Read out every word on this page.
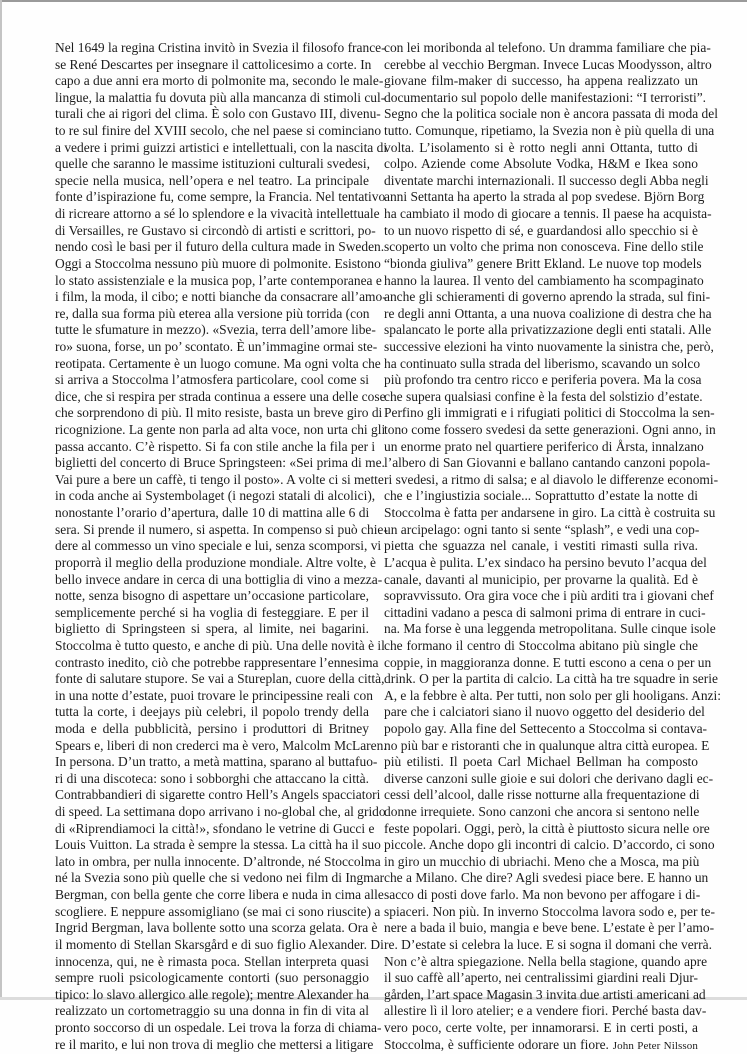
Nel 1649 la regina Cristina invitò in Svezia il filosofo france-
se René Descartes per insegnare il cattolicesimo a corte. In
capo a due anni era morto di polmonite ma, secondo le male-
lingue, la malattia fu dovuta più alla mancanza di stimoli cul-
turali che ai rigori del clima. È solo con Gustavo III, divenu-
to re sul finire del XVIII secolo, che nel paese si cominciano
a vedere i primi guizzi artistici e intellettuali, con la nascita di
quelle che saranno le massime istituzioni culturali svedesi,
specie nella musica, nell’opera e nel teatro. La principale
fonte d’ispirazione fu, come sempre, la Francia. Nel tentativo
di ricreare attorno a sé lo splendore e la vivacità intellettuale
di Versailles, re Gustavo si circondò di artisti e scrittori, po-
nendo così le basi per il futuro della cultura made in Sweden.
Oggi a Stoccolma nessuno più muore di polmonite. Esistono
lo stato assistenziale e la musica pop, l’arte contemporanea e
i film, la moda, il cibo; e notti bianche da consacrare all’amo-
re, dalla sua forma più eterea alla versione più torrida (con
tutte le sfumature in mezzo). «Svezia, terra dell’amore libe-
ro» suona, forse, un po’ scontato. È un’immagine ormai ste-
reotipata. Certamente è un luogo comune. Ma ogni volta che
si arriva a Stoccolma l’atmosfera particolare, cool come si
dice, che si respira per strada continua a essere una delle cose
che sorprendono di più. Il mito resiste, basta un breve giro di
ricognizione. La gente non parla ad alta voce, non urta chi gli
passa accanto. C’è rispetto. Si fa con stile anche la fila per i
biglietti del concerto di Bruce Springsteen: «Sei prima di me.
Vai pure a bere un caffè, ti tengo il posto». A volte ci si mette
in coda anche ai Systembolaget (i negozi statali di alcolici),
nonostante l’orario d’apertura, dalle 10 di mattina alle 6 di
sera. Si prende il numero, si aspetta. In compenso si può chie-
dere al commesso un vino speciale e lui, senza scomporsi, vi
proporrà il meglio della produzione mondiale. Altre volte, è
bello invece andare in cerca di una bottiglia di vino a mezza-
notte, senza bisogno di aspettare un’occasione particolare,
semplicemente perché si ha voglia di festeggiare. E per il
biglietto di Springsteen si spera, al limite, nei bagarini.
Stoccolma è tutto questo, e anche di più. Una delle novità è il
contrasto inedito, ciò che potrebbe rappresentare l’ennesima
fonte di salutare stupore. Se vai a Stureplan, cuore della città,
in una notte d’estate, puoi trovare le principessine reali con
tutta la corte, i deejays più celebri, il popolo trendy della
moda e della pubblicità, persino i produttori di Britney
Spears e, liberi di non crederci ma è vero, Malcolm McLaren.
In persona. D’un tratto, a metà mattina, sparano al buttafuo-
ri di una discoteca: sono i sobborghi che attaccano la città.
Contrabbandieri di sigarette contro Hell’s Angels spacciatori
di speed. La settimana dopo arrivano i no-global che, al grido
di «Riprendiamoci la città!», sfondano le vetrine di Gucci e
Louis Vuitton. La strada è sempre la stessa. La città ha il suo
lato in ombra, per nulla innocente. D’altronde, né Stoccolma
né la Svezia sono più quelle che si vedono nei film di Ingmar
Bergman, con bella gente che corre libera e nuda in cima alle
scogliere. E neppure assomigliano (se mai ci sono riuscite) a
Ingrid Bergman, lava bollente sotto una scorza gelata. Ora è
il momento di Stellan Skarsgård e di suo figlio Alexander. Di
innocenza, qui, ne è rimasta poca. Stellan interpreta quasi
sempre ruoli psicologicamente contorti (suo personaggio
tipico: lo slavo allergico alle regole); mentre Alexander ha
realizzato un cortometraggio su una donna in fin di vita al
pronto soccorso di un ospedale. Lei trova la forza di chiama-
re il marito, e lui non trova di meglio che mettersi a litigare
con lei moribonda al telefono. Un dramma familiare che pia-
cerebbe al vecchio Bergman. Invece Lucas Moodysson, altro
giovane film-maker di successo, ha appena realizzato un
documentario sul popolo delle manifestazioni: “I terroristi”.
Segno che la politica sociale non è ancora passata di moda del
tutto. Comunque, ripetiamo, la Svezia non è più quella di una
volta. L’isolamento si è rotto negli anni Ottanta, tutto di
colpo. Aziende come Absolute Vodka, H&M e Ikea sono
diventate marchi internazionali. Il successo degli Abba negli
anni Settanta ha aperto la strada al pop svedese. Björn Borg
ha cambiato il modo di giocare a tennis. Il paese ha acquista-
to un nuovo rispetto di sé, e guardandosi allo specchio si è
scoperto un volto che prima non conosceva. Fine dello stile
“bionda giuliva” genere Britt Ekland. Le nuove top models
hanno la laurea. Il vento del cambiamento ha scompaginato
anche gli schieramenti di governo aprendo la strada, sul fini-
re degli anni Ottanta, a una nuova coalizione di destra che ha
spalancato le porte alla privatizzazione degli enti statali. Alle
successive elezioni ha vinto nuovamente la sinistra che, però,
ha continuato sulla strada del liberismo, scavando un solco
più profondo tra centro ricco e periferia povera. Ma la cosa
che supera qualsiasi confine è la festa del solstizio d’estate.
Perfino gli immigrati e i rifugiati politici di Stoccolma la sen-
tono come fossero svedesi da sette generazioni. Ogni anno, in
un enorme prato nel quartiere periferico di Årsta, innalzano
l’albero di San Giovanni e ballano cantando canzoni popola-
ri svedesi, a ritmo di salsa; e al diavolo le differenze economi-
che e l’ingiustizia sociale... Soprattutto d’estate la notte di
Stoccolma è fatta per andarsene in giro. La città è costruita su
un arcipelago: ogni tanto si sente “splash”, e vedi una cop-
pietta che sguazza nel canale, i vestiti rimasti sulla riva.
L’acqua è pulita. L’ex sindaco ha persino bevuto l’acqua del
canale, davanti al municipio, per provarne la qualità. Ed è
sopravvissuto. Ora gira voce che i più arditi tra i giovani chef
cittadini vadano a pesca di salmoni prima di entrare in cuci-
na. Ma forse è una leggenda metropolitana. Sulle cinque isole
che formano il centro di Stoccolma abitano più single che
coppie, in maggioranza donne. E tutti escono a cena o per un
drink. O per la partita di calcio. La città ha tre squadre in serie
A, e la febbre è alta. Per tutti, non solo per gli hooligans. Anzi:
pare che i calciatori siano il nuovo oggetto del desiderio del
popolo gay. Alla fine del Settecento a Stoccolma si contava-
no più bar e ristoranti che in qualunque altra città europea. E
più etilisti. Il poeta Carl Michael Bellman ha composto
diverse canzoni sulle gioie e sui dolori che derivano dagli ec-
cessi dell’alcool, dalle risse notturne alla frequentazione di
donne irrequiete. Sono canzoni che ancora si sentono nelle
feste popolari. Oggi, però, la città è piuttosto sicura nelle ore
piccole. Anche dopo gli incontri di calcio. D’accordo, ci sono
in giro un mucchio di ubriachi. Meno che a Mosca, ma più
che a Milano. Che dire? Agli svedesi piace bere. E hanno un
sacco di posti dove farlo. Ma non bevono per affogare i di-
spiaceri. Non più. In inverno Stoccolma lavora sodo e, per te-
nere a bada il buio, mangia e beve bene. L’estate è per l’amo-
re. D’estate si celebra la luce. E si sogna il domani che verrà.
Non c’è altra spiegazione. Nella bella stagione, quando apre
il suo caffè all’aperto, nei centralissimi giardini reali Djur-
gården, l’art space Magasin 3 invita due artisti americani ad
allestire lì il loro atelier; e a vendere fiori. Perché basta dav-
vero poco, certe volte, per innamorarsi. E in certi posti, a
Stoccolma, è sufficiente odorare un fiore. John Peter Nilsson
